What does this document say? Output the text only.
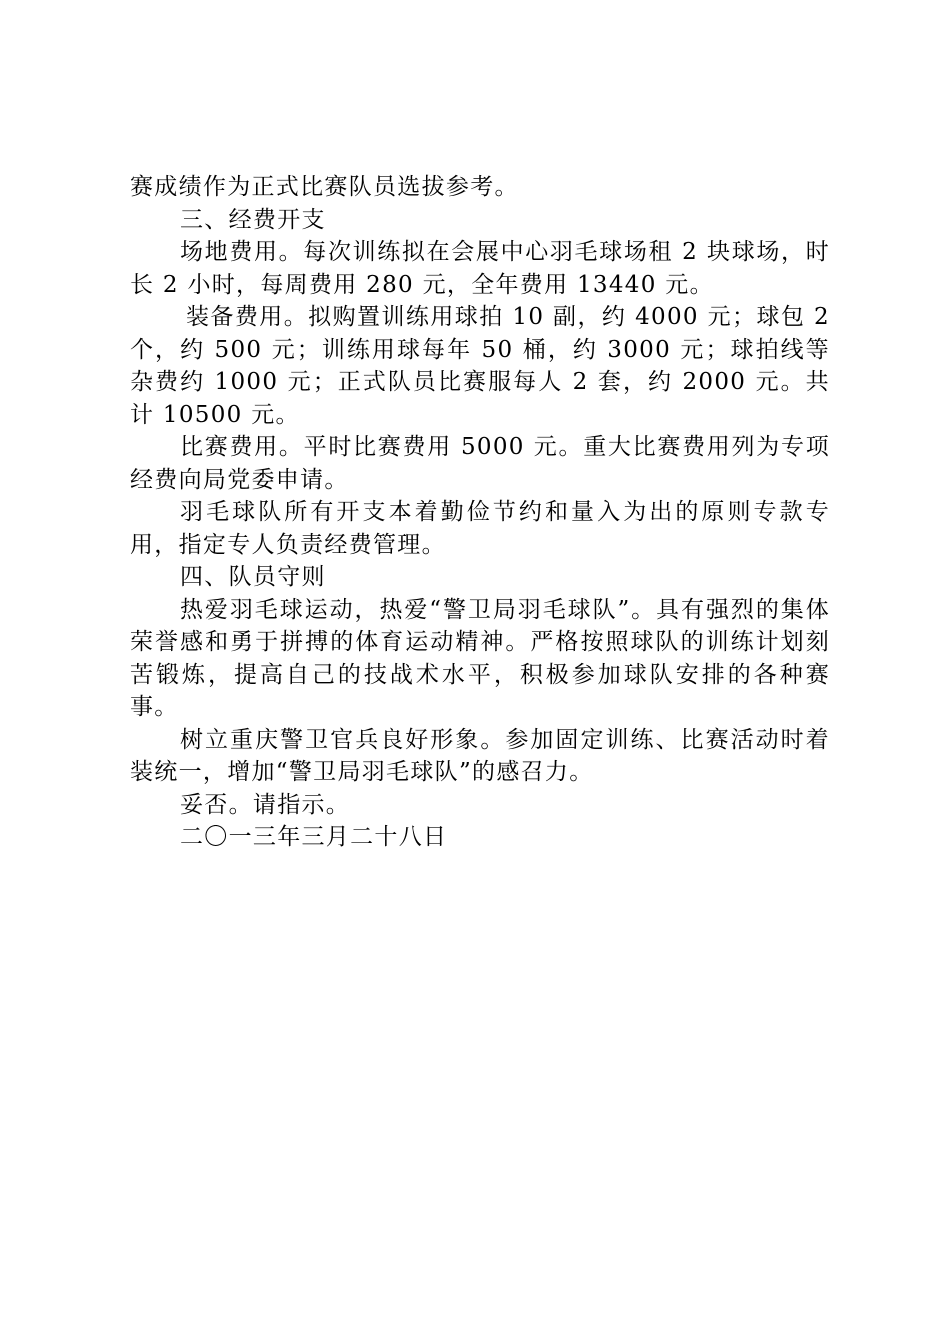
赛成绩作为正式比赛队员选拔参考。

三、经费开支

场地费用。每次训练拟在会展中心羽毛球场租 2 块球场，时长 2 小时，每周费用 280 元，全年费用 13440 元。

装备费用。拟购置训练用球拍 10 副，约 4000 元；球包 2 个，约 500 元；训练用球每年 50 桶，约 3000 元；球拍线等杂费约 1000 元；正式队员比赛服每人 2 套，约 2000 元。共计 10500 元。

比赛费用。平时比赛费用 5000 元。重大比赛费用列为专项经费向局党委申请。

羽毛球队所有开支本着勤俭节约和量入为出的原则专款专用，指定专人负责经费管理。

四、队员守则

热爱羽毛球运动，热爱“警卫局羽毛球队”。具有强烈的集体荣誉感和勇于拼搏的体育运动精神。严格按照球队的训练计划刻苦锻炼，提高自己的技战术水平，积极参加球队安排的各种赛事。

树立重庆警卫官兵良好形象。参加固定训练、比赛活动时着装统一，增加“警卫局羽毛球队”的感召力。

妥否。请指示。

二〇一三年三月二十八日
